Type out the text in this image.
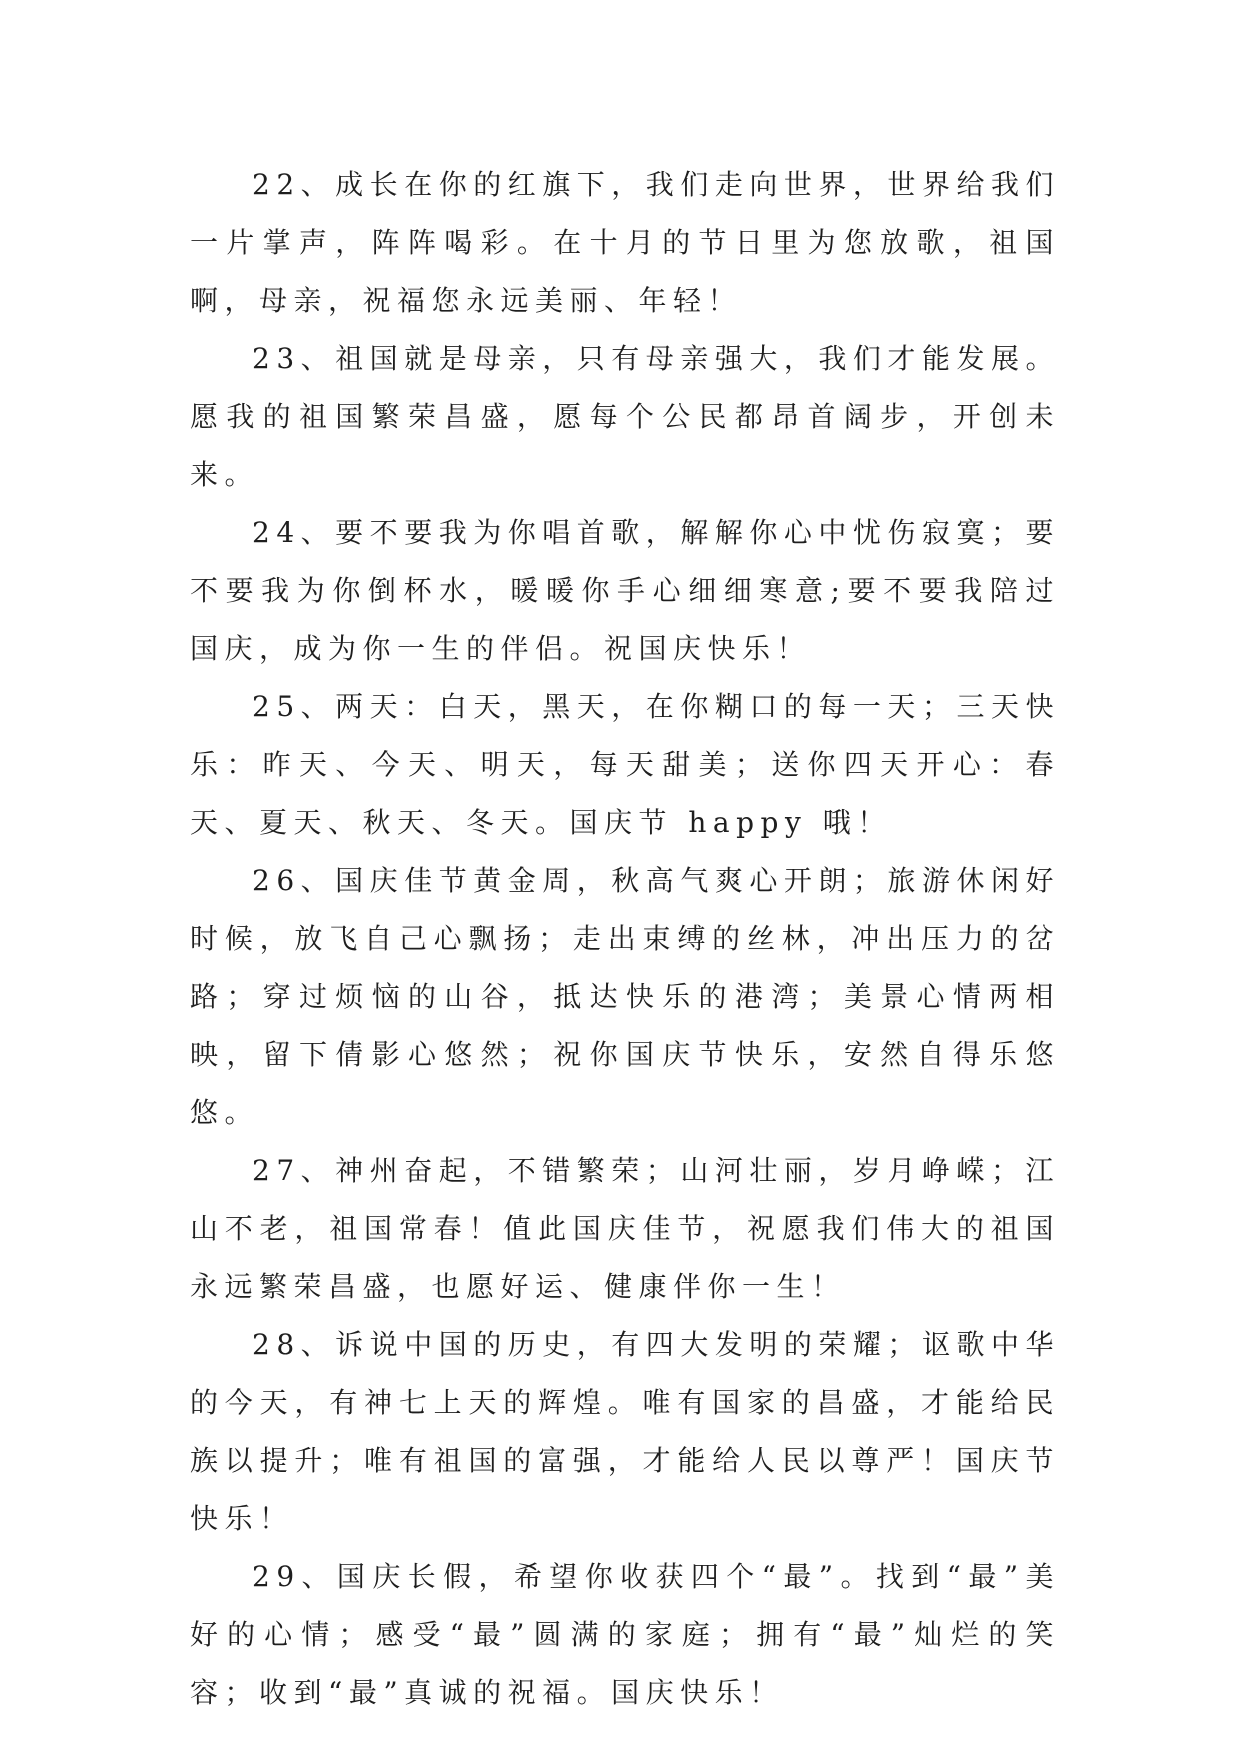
22、成长在你的红旗下，我们走向世界，世界给我们一片掌声，阵阵喝彩。在十月的节日里为您放歌，祖国啊，母亲，祝福您永远美丽、年轻！

23、祖国就是母亲，只有母亲强大，我们才能发展。愿我的祖国繁荣昌盛，愿每个公民都昂首阔步，开创未来。

24、要不要我为你唱首歌，解解你心中忧伤寂寞；要不要我为你倒杯水，暖暖你手心细细寒意;要不要我陪过国庆，成为你一生的伴侣。祝国庆快乐！

25、两天：白天，黑天，在你糊口的每一天；三天快乐：昨天、今天、明天，每天甜美；送你四天开心：春天、夏天、秋天、冬天。国庆节 happy 哦！

26、国庆佳节黄金周，秋高气爽心开朗；旅游休闲好时候，放飞自己心飘扬；走出束缚的丝林，冲出压力的岔路；穿过烦恼的山谷，抵达快乐的港湾；美景心情两相映，留下倩影心悠然；祝你国庆节快乐，安然自得乐悠悠。

27、神州奋起，不错繁荣；山河壮丽，岁月峥嵘；江山不老，祖国常春！值此国庆佳节，祝愿我们伟大的祖国永远繁荣昌盛，也愿好运、健康伴你一生！

28、诉说中国的历史，有四大发明的荣耀；讴歌中华的今天，有神七上天的辉煌。唯有国家的昌盛，才能给民族以提升；唯有祖国的富强，才能给人民以尊严！国庆节快乐！

29、国庆长假，希望你收获四个“最”。找到“最”美好的心情；感受“最”圆满的家庭；拥有“最”灿烂的笑容；收到“最”真诚的祝福。国庆快乐！
